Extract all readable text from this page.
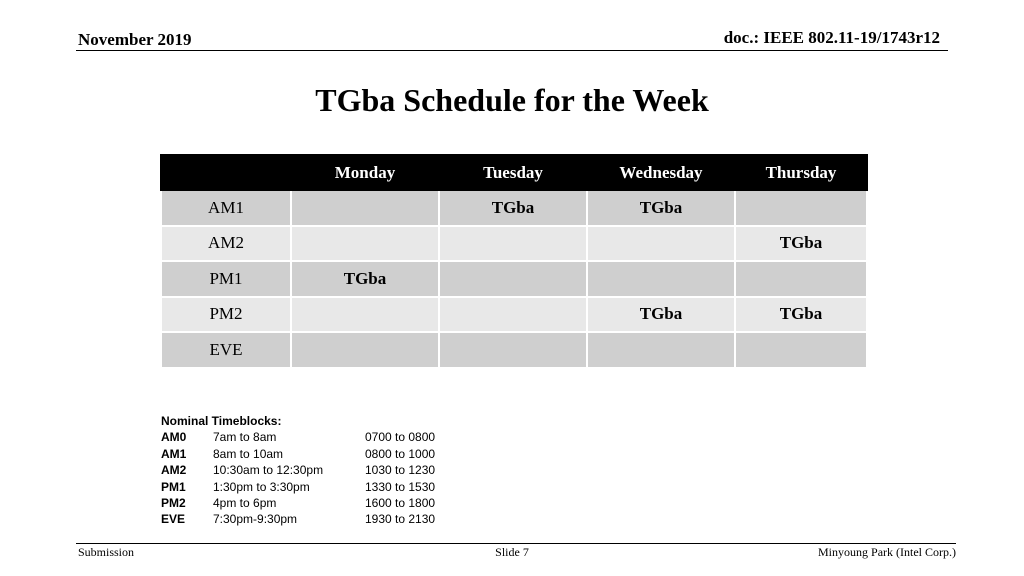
November 2019	doc.: IEEE 802.11-19/1743r12
TGba Schedule for the Week
	Monday	Tuesday	Wednesday	Thursday
AM1		TGba	TGba	
AM2				TGba
PM1	TGba			
PM2			TGba	TGba
EVE				
Nominal Timeblocks:
AM0 7am to 8am	0700 to 0800
AM1 8am to 10am	0800 to 1000
AM2 10:30am to 12:30pm	1030 to 1230
PM1 1:30pm to 3:30pm	1330 to 1530
PM2 4pm to 6pm	1600 to 1800
EVE 7:30pm-9:30pm	1930 to 2130
Submission	Slide 7	Minyoung Park (Intel Corp.)
